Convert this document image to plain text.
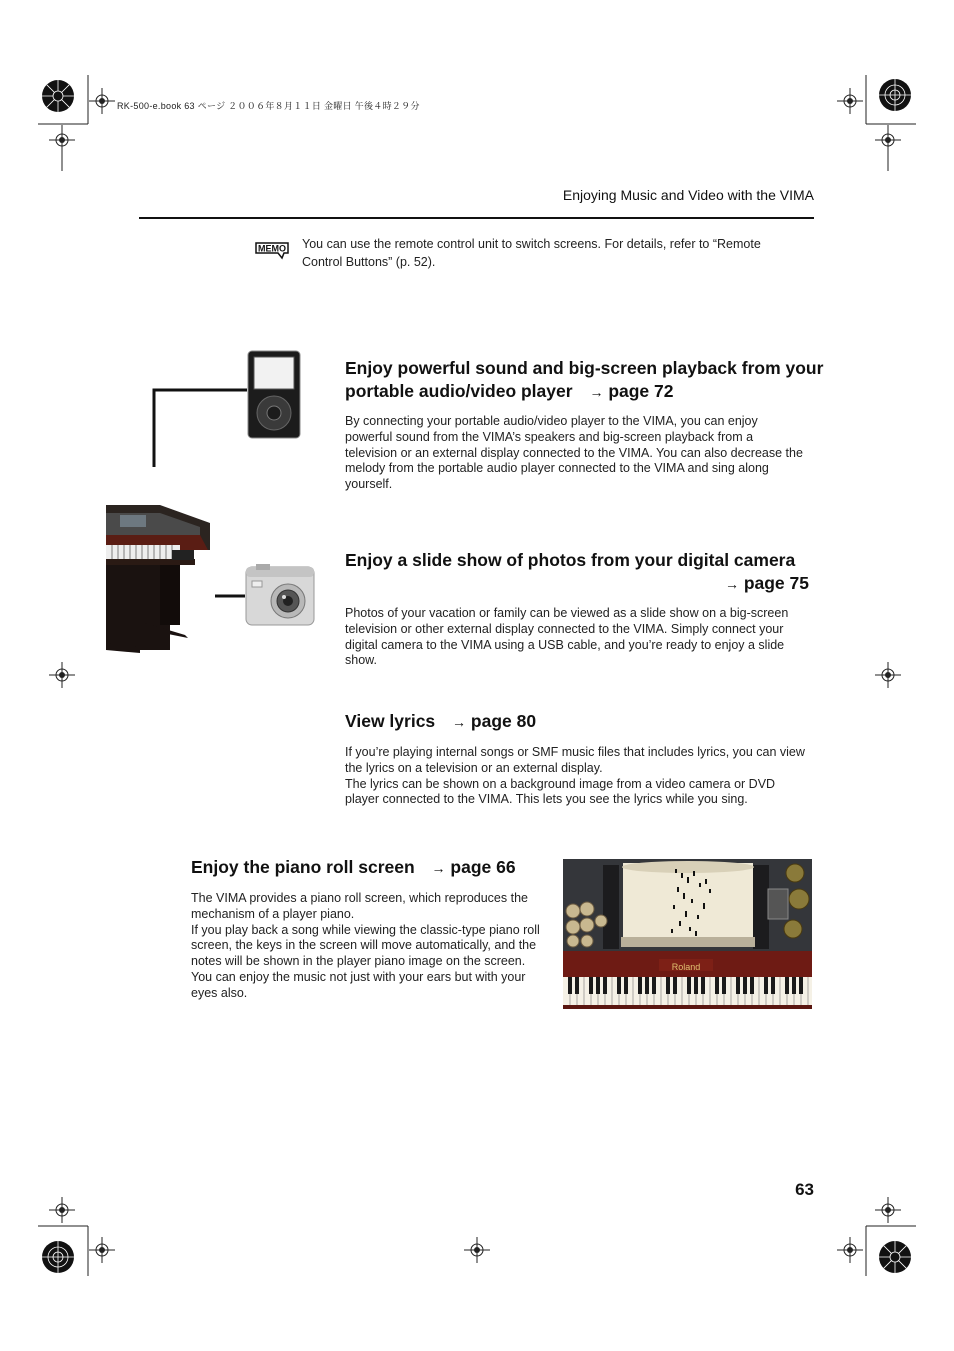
RK-500-e.book 63 ページ ２００６年８月１１日 金曜日 午後４時２９分
Enjoying Music and Video with the VIMA
MEMO You can use the remote control unit to switch screens. For details, refer to “Remote Control Buttons” (p. 52).
Enjoy powerful sound and big-screen playback from your
portable audio/video player → page 72
By connecting your portable audio/video player to the VIMA, you can enjoy powerful sound from the VIMA’s speakers and big-screen playback from a television or an external display connected to the VIMA. You can also decrease the melody from the portable audio player connected to the VIMA and sing along yourself.
Enjoy a slide show of photos from your digital camera
→ page 75
Photos of your vacation or family can be viewed as a slide show on a big-screen television or other external display connected to the VIMA. Simply connect your digital camera to the VIMA using a USB cable, and you’re ready to enjoy a slide show.
View lyrics → page 80
If you’re playing internal songs or SMF music files that includes lyrics, you can view the lyrics on a television or an external display.
The lyrics can be shown on a background image from a video camera or DVD player connected to the VIMA. This lets you see the lyrics while you sing.
Enjoy the piano roll screen → page 66
The VIMA provides a piano roll screen, which reproduces the mechanism of a player piano.
If you play back a song while viewing the classic-type piano roll screen, the keys in the screen will move automatically, and the notes will be shown in the player piano image on the screen. You can enjoy the music not just with your ears but with your eyes also.
Roland
63
